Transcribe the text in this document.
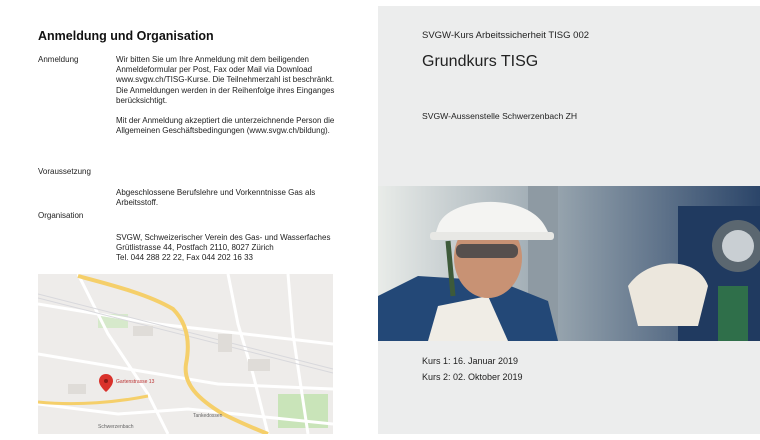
Anmeldung und Organisation
Anmeldung	Wir bitten Sie um Ihre Anmeldung mit dem beiligenden Anmeldeformular per Post, Fax oder Mail via Download www.svgw.ch/TISG-Kurse. Die Teilnehmerzahl ist beschränkt.

Die Anmeldungen werden in der Reihenfolge ihres Einganges berücksichtigt.

Mit der Anmeldung akzeptiert die unterzeichnende Person die Allgemeinen Geschäftsbedingungen (www.svgw.ch/bildung).

Voraussetzung
Abgeschlossene Berufslehre und Vorkenntnisse Gas als Arbeitsstoff.
Organisation

SVGW, Schweizerischer Verein des Gas- und Wasserfaches

Grütlistrasse 44, Postfach 2110, 8027 Zürich

Tel. 044 288 22 22, Fax 044 202 16 33

Gartenstrasse 13
Tankedossen
Schwerzenbach
SVGW-Kurs Arbeitssicherheit TISG 002
Grundkurs TISG
SVGW-Aussenstelle Schwerzenbach ZH
Kurs 1: 16. Januar 2019
Kurs 2: 02. Oktober 2019
